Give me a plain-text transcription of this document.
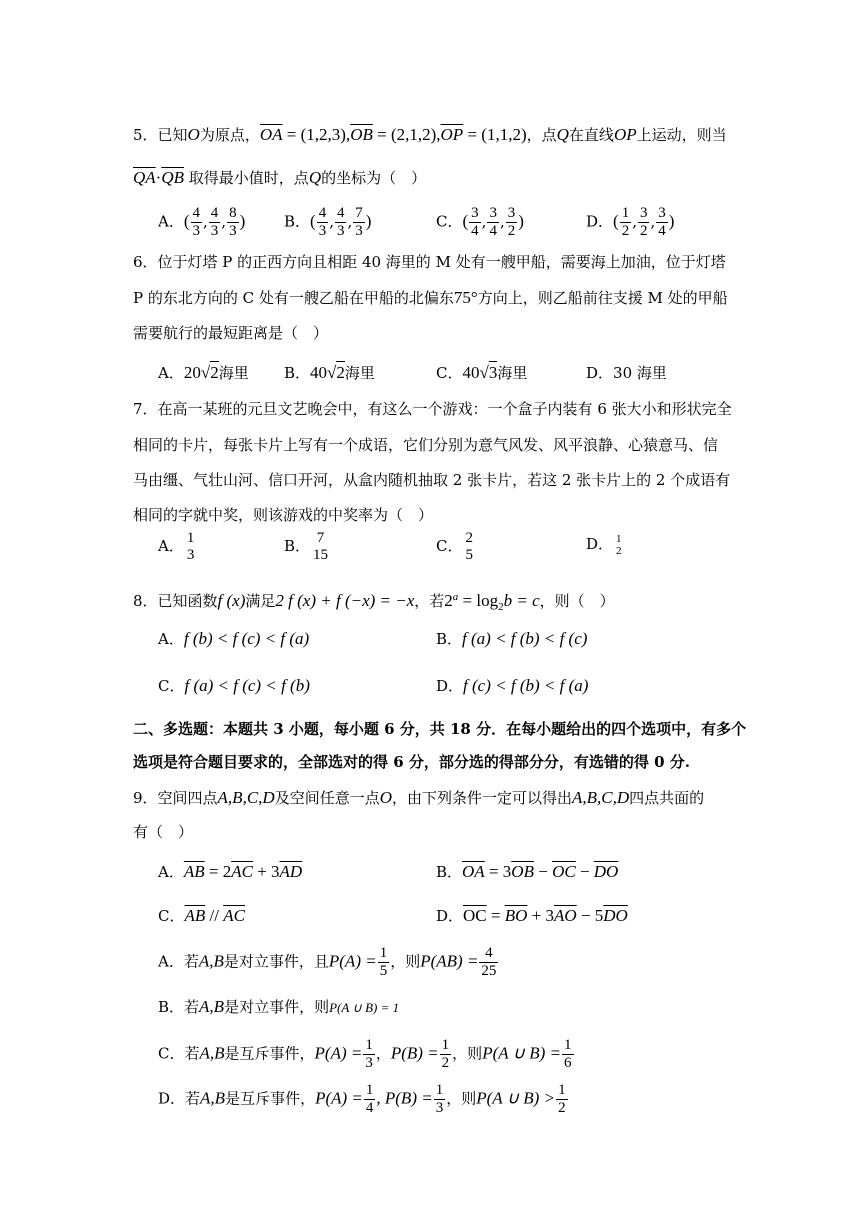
5．已知O为原点，$\overline{OA} = (1,2,3),\overline{OB} = (2,1,2),\overline{OP} = (1,1,2)$，点Q在直线OP上运动，则当
$\overline{QA}\cdot\overline{QB}$ 取得最小值时，点Q的坐标为（　）
A．( $\frac{4}{3}$ , $\frac{4}{3}$ , $\frac{8}{3}$ )	B．( $\frac{4}{3}$ , $\frac{4}{3}$ , $\frac{7}{3}$ )	C．( $\frac{3}{4}$ , $\frac{3}{4}$ , $\frac{3}{2}$ )	D．( $\frac{1}{2}$ , $\frac{3}{2}$ , $\frac{3}{4}$ )
6．位于灯塔 P 的正西方向且相距 40 海里的 M 处有一艘甲船，需要海上加油，位于灯塔
P 的东北方向的 C 处有一艘乙船在甲船的北偏东75°方向上，则乙船前往支援 M 处的甲船
需要航行的最短距离是（　）
A．20√2海里 B．40√2海里	C．40√3海里	D．30 海里
7．在高一某班的元旦文艺晚会中，有这么一个游戏：一个盒子内装有 6 张大小和形状完全
相同的卡片，每张卡片上写有一个成语，它们分别为意气风发、风平浪静、心猿意马、信
马由缰、气壮山河、信口开河，从盒内随机抽取 2 张卡片，若这 2 张卡片上的 2 个成语有
相同的字就中奖，则该游戏的中奖率为（　）
A． 1
3	B． 7
15	C． 2
5
D． 1
2
8．已知函数f (x)满足2 f (x) + f (−x) = −x，若$2^a = \log_2b = c$，则（　）
A．f (b) < f (c) < f (a)	B．f (a) < f (b) < f (c)
C．f (a) < f (c) < f (b)	D．f (c) < f (b) < f (a)
二、多选题：本题共 3 小题，每小题 6 分，共 18 分．在每小题给出的四个选项中，有多个
选项是符合题目要求的，全部选对的得 6 分，部分选的得部分分，有选错的得 0 分.
9．空间四点A,B,C,D及空间任意一点O，由下列条件一定可以得出A,B,C,D四点共面的
有（　）
A．$\overline{AB} = 2\overline{AC} + 3\overline{AD}$	B．$\overline{OA} = 3\overline{OB} - \overline{OC} - \overline{DO}$
C．$\overline{AB} // \overline{AC}$	D．$\overline{OC} = \overline{BO} + 3\overline{AO} - 5\overline{DO}$
A．若A,B是对立事件，且$P(A) = \frac{1}{5}$ ，则$P(AB) = \frac{4}{25}$
B．若A,B是对立事件，则P(A ∪ B) = 1
C．若A,B是互斥事件，$P(A) = \frac{1}{3}$ ，$P(B) = \frac{1}{2}$ ，则P(A ∪ $B) = \frac{1}{6}$
D．若A,B是互斥事件，$P(A) = \frac{1}{4}$ , $P(B) = \frac{1}{3}$ ，则P(A ∪ $B) > \frac{1}{2}$
